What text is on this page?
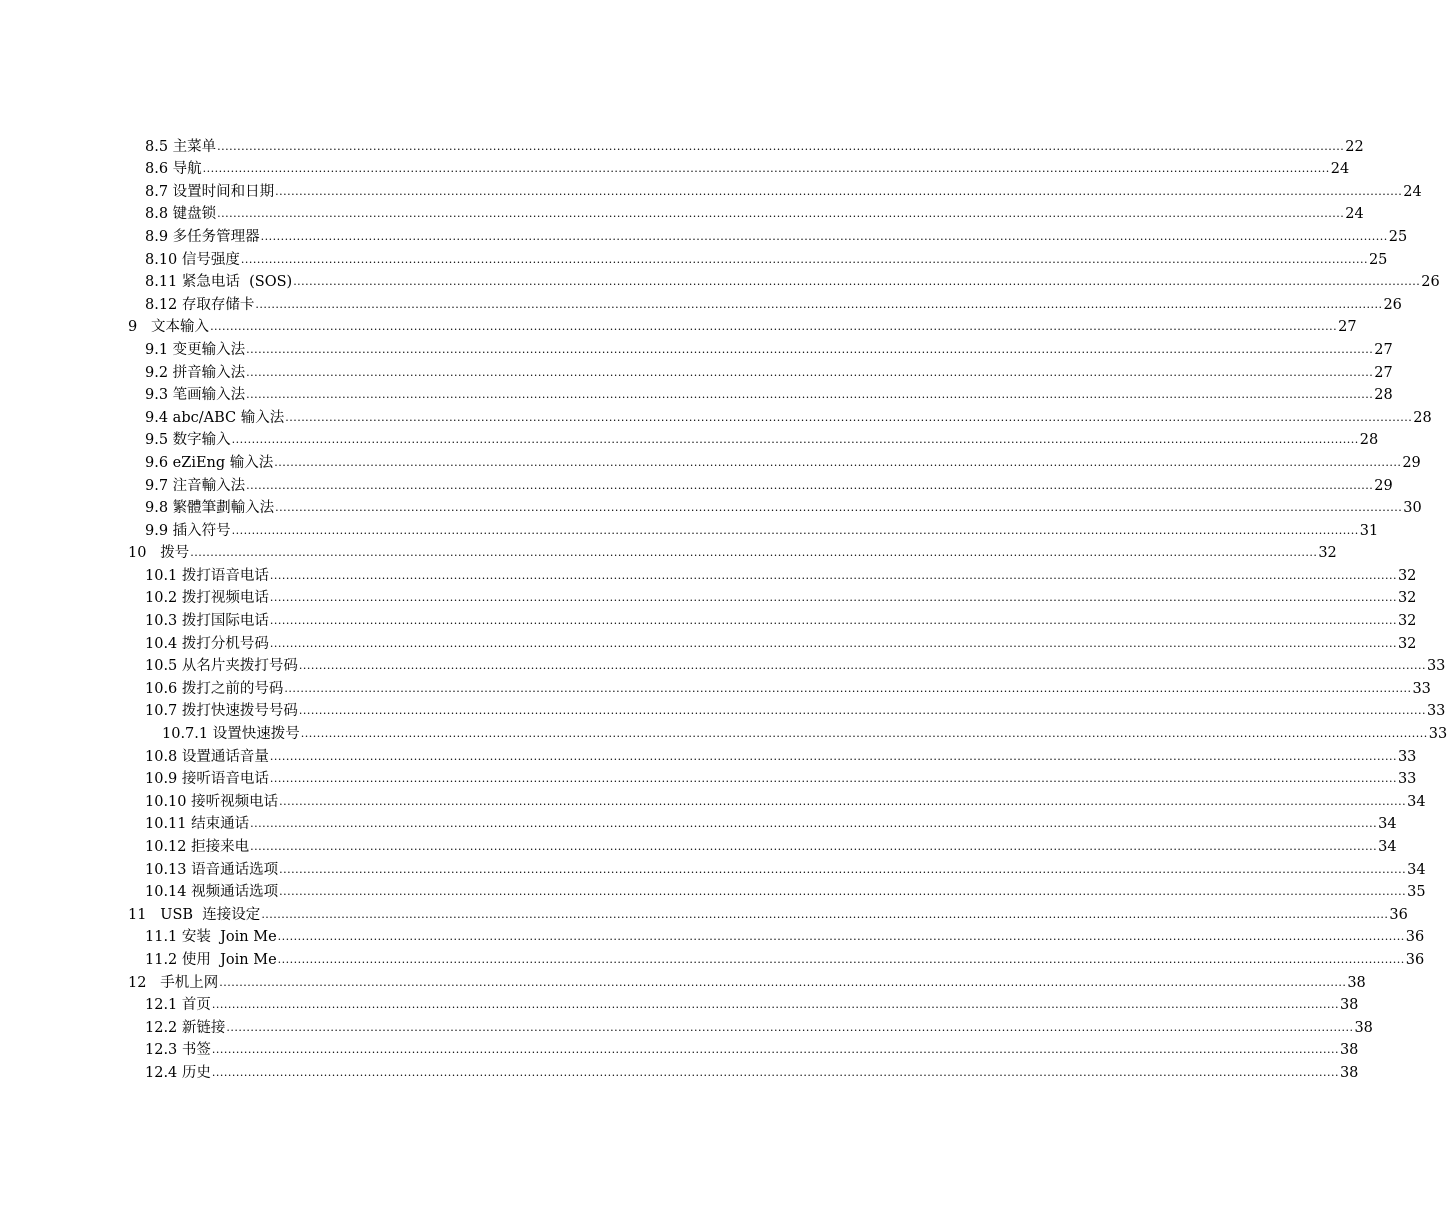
8.5 主菜单 .......................................................................................................................................................................................................................................................................................... 22
8.6 导航 .......................................................................................................................................................................................................................................................................................... 24
8.7 设置时间和日期 .......................................................................................................................................................................................................................................................................................... 24
8.8 键盘锁 .......................................................................................................................................................................................................................................................................................... 24
8.9 多任务管理器 .......................................................................................................................................................................................................................................................................................... 25
8.10 信号强度 .......................................................................................................................................................................................................................................................................................... 25
8.11 紧急电话  (SOS) .......................................................................................................................................................................................................................................................................................... 26
8.12 存取存储卡 .......................................................................................................................................................................................................................................................................................... 26
9   文本输入 .......................................................................................................................................................................................................................................................................................... 27
9.1 变更输入法 .......................................................................................................................................................................................................................................................................................... 27
9.2 拼音输入法 .......................................................................................................................................................................................................................................................................................... 27
9.3 笔画输入法 .......................................................................................................................................................................................................................................................................................... 28
9.4 abc/ABC 输入法 .......................................................................................................................................................................................................................................................................................... 28
9.5 数字输入 .......................................................................................................................................................................................................................................................................................... 28
9.6 eZiEng 输入法 .......................................................................................................................................................................................................................................................................................... 29
9.7 注音輸入法 .......................................................................................................................................................................................................................................................................................... 29
9.8 繁體筆劃輸入法 .......................................................................................................................................................................................................................................................................................... 30
9.9 插入符号 .......................................................................................................................................................................................................................................................................................... 31
10   拨号 .......................................................................................................................................................................................................................................................................................... 32
10.1 拨打语音电话 .......................................................................................................................................................................................................................................................................................... 32
10.2 拨打视频电话 .......................................................................................................................................................................................................................................................................................... 32
10.3 拨打国际电话 .......................................................................................................................................................................................................................................................................................... 32
10.4 拨打分机号码 .......................................................................................................................................................................................................................................................................................... 32
10.5 从名片夹拨打号码 .......................................................................................................................................................................................................................................................................................... 33
10.6 拨打之前的号码 .......................................................................................................................................................................................................................................................................................... 33
10.7 拨打快速拨号号码 .......................................................................................................................................................................................................................................................................................... 33
10.7.1 设置快速拨号 .......................................................................................................................................................................................................................................................................................... 33
10.8 设置通话音量 .......................................................................................................................................................................................................................................................................................... 33
10.9 接听语音电话 .......................................................................................................................................................................................................................................................................................... 33
10.10 接听视频电话 .......................................................................................................................................................................................................................................................................................... 34
10.11 结束通话 .......................................................................................................................................................................................................................................................................................... 34
10.12 拒接来电 .......................................................................................................................................................................................................................................................................................... 34
10.13 语音通话选项 .......................................................................................................................................................................................................................................................................................... 34
10.14 视频通话选项 .......................................................................................................................................................................................................................................................................................... 35
11   USB  连接设定 .......................................................................................................................................................................................................................................................................................... 36
11.1 安装  Join Me .......................................................................................................................................................................................................................................................................................... 36
11.2 使用  Join Me .......................................................................................................................................................................................................................................................................................... 36
12   手机上网 .......................................................................................................................................................................................................................................................................................... 38
12.1 首页 .......................................................................................................................................................................................................................................................................................... 38
12.2 新链接 .......................................................................................................................................................................................................................................................................................... 38
12.3 书签 .......................................................................................................................................................................................................................................................................................... 38
12.4 历史 .......................................................................................................................................................................................................................................................................................... 38
